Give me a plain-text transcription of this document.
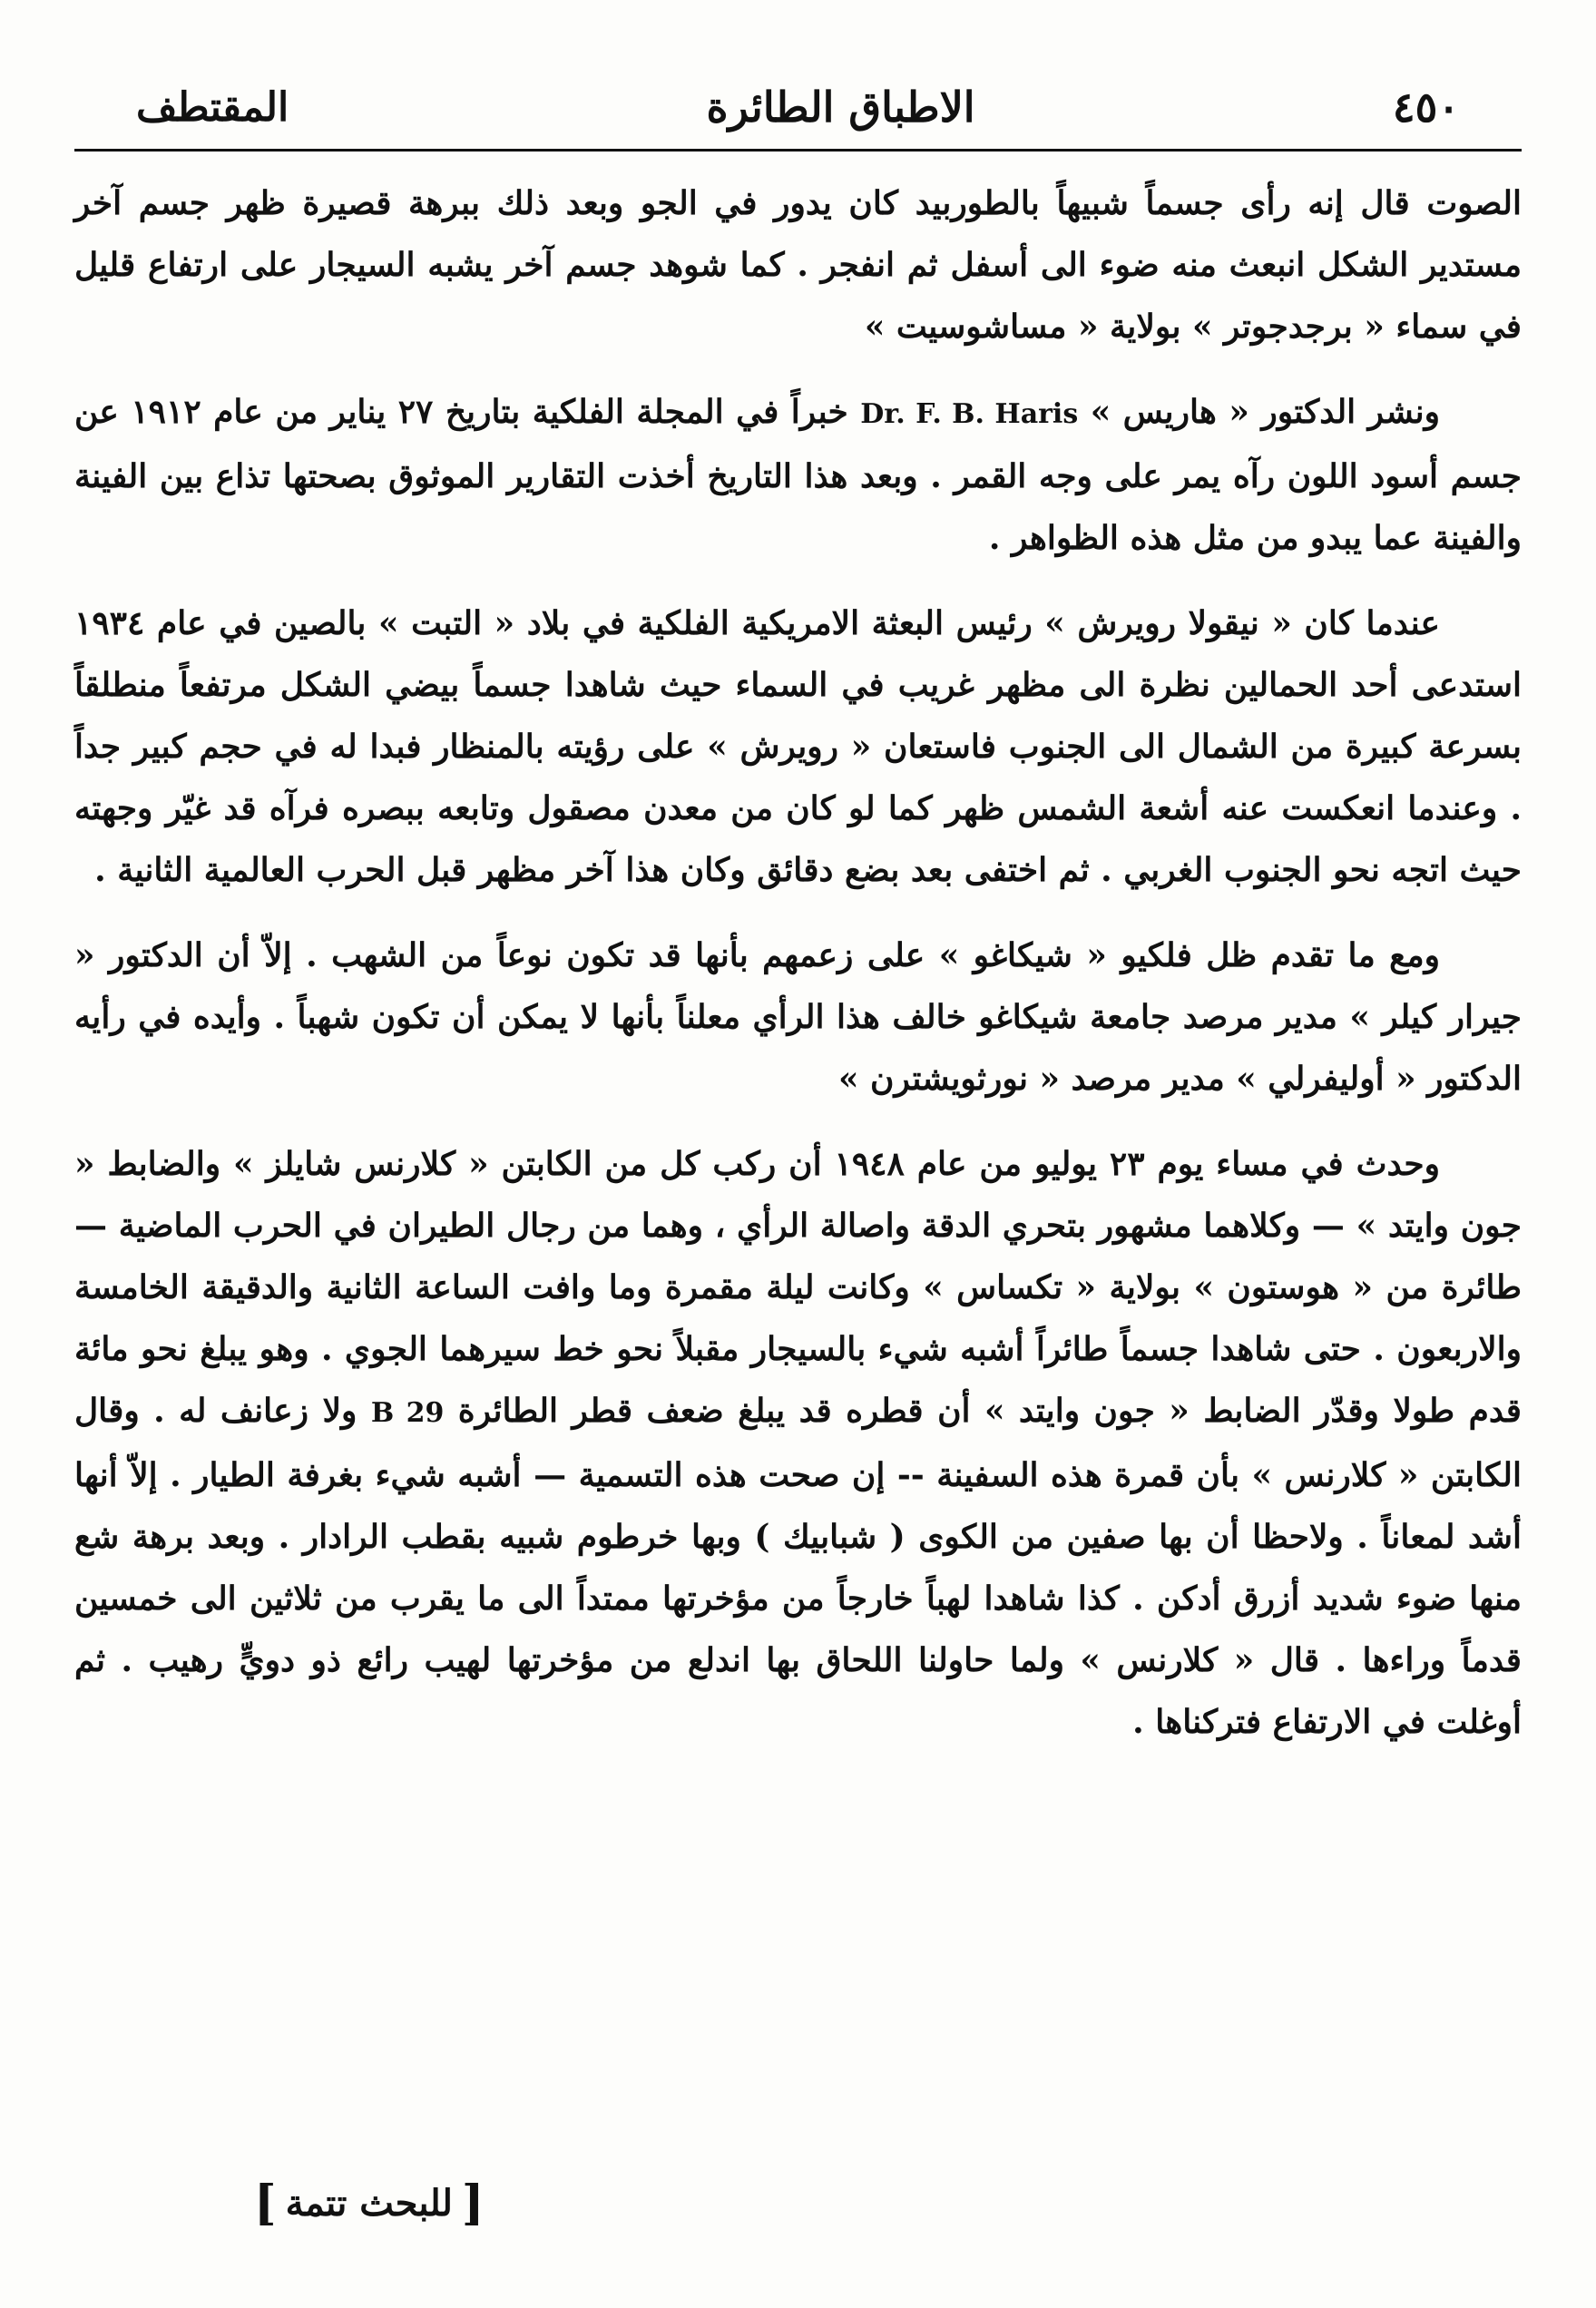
المقتطف	الاطباق الطائرة	٤٥٠

الصوت قال إنه رأى جسماً شبيهاً بالطوربيد كان يدور في الجو وبعد ذلك ببرهة قصيرة ظهر جسم آخر مستدير الشكل انبعث منه ضوء الى أسفل ثم انفجر . كما شوهد جسم آخر يشبه السيجار على ارتفاع قليل في سماء « برجدجوتر » بولاية « مساشوسيت »

ونشر الدكتور « هاريس » Dr. F. B. Haris خبراً في المجلة الفلكية بتاريخ ٢٧ يناير من عام ١٩١٢ عن جسم أسود اللون رآه يمر على وجه القمر . وبعد هذا التاريخ أخذت التقارير الموثوق بصحتها تذاع بين الفينة والفينة عما يبدو من مثل هذه الظواهر .

عندما كان « نيقولا رويرش » رئيس البعثة الامريكية الفلكية في بلاد « التبت » بالصين في عام ١٩٣٤ استدعى أحد الحمالين نظرة الى مظهر غريب في السماء حيث شاهدا جسماً بيضي الشكل مرتفعاً منطلقاً بسرعة كبيرة من الشمال الى الجنوب فاستعان « رويرش » على رؤيته بالمنظار فبدا له في حجم كبير جداً . وعندما انعكست عنه أشعة الشمس ظهر كما لو كان من معدن مصقول وتابعه ببصره فرآه قد غيّر وجهته حيث اتجه نحو الجنوب الغربي . ثم اختفى بعد بضع دقائق وكان هذا آخر مظهر قبل الحرب العالمية الثانية .

ومع ما تقدم ظل فلكيو « شيكاغو » على زعمهم بأنها قد تكون نوعاً من الشهب . إلاّ أن الدكتور « جيرار كيلر » مدير مرصد جامعة شيكاغو خالف هذا الرأي معلناً بأنها لا يمكن أن تكون شهباً . وأيده في رأيه الدكتور « أوليفرلي » مدير مرصد « نورثويشترن »

وحدث في مساء يوم ٢٣ يوليو من عام ١٩٤٨ أن ركب كل من الكابتن « كلارنس شايلز » والضابط « جون وايتد » — وكلاهما مشهور بتحري الدقة واصالة الرأي ، وهما من رجال الطيران في الحرب الماضية — طائرة من « هوستون » بولاية « تكساس » وكانت ليلة مقمرة وما وافت الساعة الثانية والدقيقة الخامسة والاربعون . حتى شاهدا جسماً طائراً أشبه شيء بالسيجار مقبلاً نحو خط سيرهما الجوي . وهو يبلغ نحو مائة قدم طولا وقدّر الضابط « جون وايتد » أن قطره قد يبلغ ضعف قطر الطائرة B 29 ولا زعانف له . وقال الكابتن « كلارنس » بأن قمرة هذه السفينة -- إن صحت هذه التسمية — أشبه شيء بغرفة الطيار . إلاّ أنها أشد لمعاناً . ولاحظا أن بها صفين من الكوى ( شبابيك ) وبها خرطوم شبيه بقطب الرادار . وبعد برهة شع منها ضوء شديد أزرق أدكن . كذا شاهدا لهباً خارجاً من مؤخرتها ممتداً الى ما يقرب من ثلاثين الى خمسين قدماً وراءها . قال « كلارنس » ولما حاولنا اللحاق بها اندلع من مؤخرتها لهيب رائع ذو دويٍّ رهيب . ثم أوغلت في الارتفاع فتركناها .

[
للبحث تتمة
]
